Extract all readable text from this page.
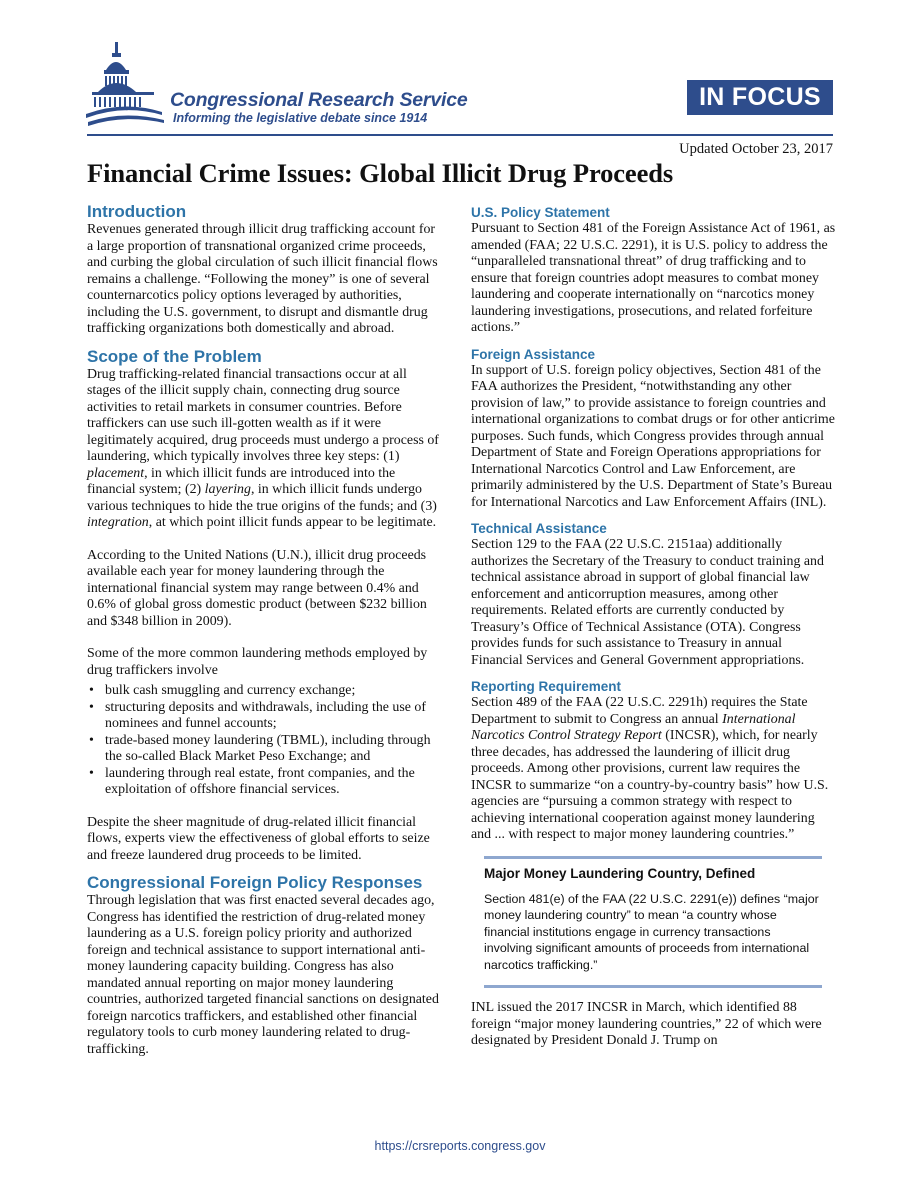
Congressional Research Service
Informing the legislative debate since 1914
IN FOCUS
Updated October 23, 2017
Financial Crime Issues: Global Illicit Drug Proceeds
Introduction

Revenues generated through illicit drug trafficking account for a large proportion of transnational organized crime proceeds, and curbing the global circulation of such illicit financial flows remains a challenge. “Following the money” is one of several counternarcotics policy options leveraged by authorities, including the U.S. government, to disrupt and dismantle drug trafficking organizations both domestically and abroad.

Scope of the Problem

Drug trafficking-related financial transactions occur at all stages of the illicit supply chain, connecting drug source activities to retail markets in consumer countries. Before traffickers can use such ill-gotten wealth as if it were legitimately acquired, drug proceeds must undergo a process of laundering, which typically involves three key steps: (1) placement, in which illicit funds are introduced into the financial system; (2) layering, in which illicit funds undergo various techniques to hide the true origins of the funds; and (3) integration, at which point illicit funds appear to be legitimate.

According to the United Nations (U.N.), illicit drug proceeds available each year for money laundering through the international financial system may range between 0.4% and 0.6% of global gross domestic product (between $232 billion and $348 billion in 2009).

Some of the more common laundering methods employed by drug traffickers involve

• bulk cash smuggling and currency exchange;
• structuring deposits and withdrawals, including the use of nominees and funnel accounts;
• trade-based money laundering (TBML), including through the so-called Black Market Peso Exchange; and
• laundering through real estate, front companies, and the exploitation of offshore financial services.

Despite the sheer magnitude of drug-related illicit financial flows, experts view the effectiveness of global efforts to seize and freeze laundered drug proceeds to be limited.

Congressional Foreign Policy Responses

Through legislation that was first enacted several decades ago, Congress has identified the restriction of drug-related money laundering as a U.S. foreign policy priority and authorized foreign and technical assistance to support international anti-money laundering capacity building. Congress has also mandated annual reporting on major money laundering countries, authorized targeted financial sanctions on designated foreign narcotics traffickers, and established other financial regulatory tools to curb money laundering related to drug-trafficking.

U.S. Policy Statement

Pursuant to Section 481 of the Foreign Assistance Act of 1961, as amended (FAA; 22 U.S.C. 2291), it is U.S. policy to address the “unparalleled transnational threat” of drug trafficking and to ensure that foreign countries adopt measures to combat money laundering and cooperate internationally on “narcotics money laundering investigations, prosecutions, and related forfeiture actions.”

Foreign Assistance

In support of U.S. foreign policy objectives, Section 481 of the FAA authorizes the President, “notwithstanding any other provision of law,” to provide assistance to foreign countries and international organizations to combat drugs or for other anticrime purposes. Such funds, which Congress provides through annual Department of State and Foreign Operations appropriations for International Narcotics Control and Law Enforcement, are primarily administered by the U.S. Department of State’s Bureau for International Narcotics and Law Enforcement Affairs (INL).

Technical Assistance

Section 129 to the FAA (22 U.S.C. 2151aa) additionally authorizes the Secretary of the Treasury to conduct training and technical assistance abroad in support of global financial law enforcement and anticorruption measures, among other requirements. Related efforts are currently conducted by Treasury’s Office of Technical Assistance (OTA). Congress provides funds for such assistance to Treasury in annual Financial Services and General Government appropriations.

Reporting Requirement

Section 489 of the FAA (22 U.S.C. 2291h) requires the State Department to submit to Congress an annual International Narcotics Control Strategy Report (INCSR), which, for nearly three decades, has addressed the laundering of illicit drug proceeds. Among other provisions, current law requires the INCSR to summarize “on a country-by-country basis” how U.S. agencies are “pursuing a common strategy with respect to achieving international cooperation against money laundering and ... with respect to major money laundering countries.”

Major Money Laundering Country, Defined
Section 481(e) of the FAA (22 U.S.C. 2291(e)) defines “major money laundering country” to mean “a country whose financial institutions engage in currency transactions involving significant amounts of proceeds from international narcotics trafficking.”

INL issued the 2017 INCSR in March, which identified 88 foreign “major money laundering countries,” 22 of which were designated by President Donald J. Trump on

https://crsreports.congress.gov
